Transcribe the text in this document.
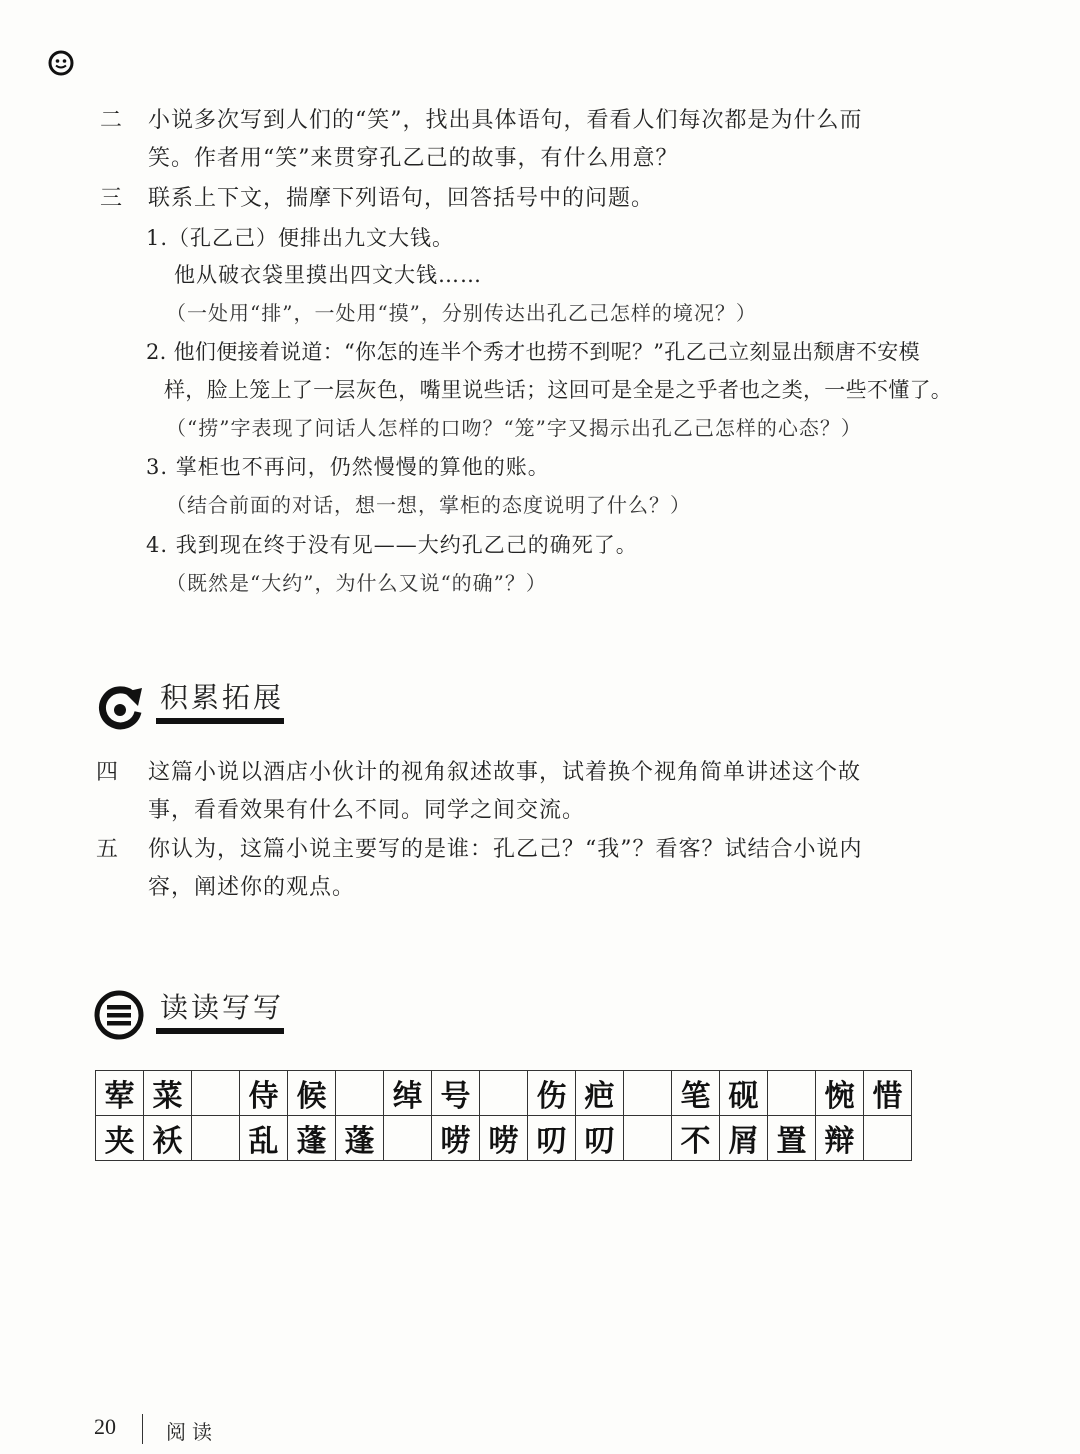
二 小说多次写到人们的“笑”，找出具体语句，看看人们每次都是为什么而
笑。作者用“笑”来贯穿孔乙己的故事，有什么用意？
三 联系上下文，揣摩下列语句，回答括号中的问题。
1.（孔乙己）便排出九文大钱。
他从破衣袋里摸出四文大钱……
（一处用“排”，一处用“摸”，分别传达出孔乙己怎样的境况？）
2. 他们便接着说道：“你怎的连半个秀才也捞不到呢？”孔乙己立刻显出颓唐不安模
样，脸上笼上了一层灰色，嘴里说些话；这回可是全是之乎者也之类，一些不懂了。
（“捞”字表现了问话人怎样的口吻？“笼”字又揭示出孔乙己怎样的心态？）
3. 掌柜也不再问，仍然慢慢的算他的账。
（结合前面的对话，想一想，掌柜的态度说明了什么？）
4. 我到现在终于没有见——大约孔乙己的确死了。
（既然是“大约”，为什么又说“的确”？）
积累拓展
四 这篇小说以酒店小伙计的视角叙述故事，试着换个视角简单讲述这个故
事，看看效果有什么不同。同学之间交流。
五 你认为，这篇小说主要写的是谁：孔乙己？“我”？看客？试结合小说内
容，阐述你的观点。
读读写写
荤	菜		侍	候		绰	号		伤	疤		笔	砚		惋	惜
夹	袄		乱	蓬	蓬		唠	唠	叨	叨		不	屑	置	辩	
20	阅读
